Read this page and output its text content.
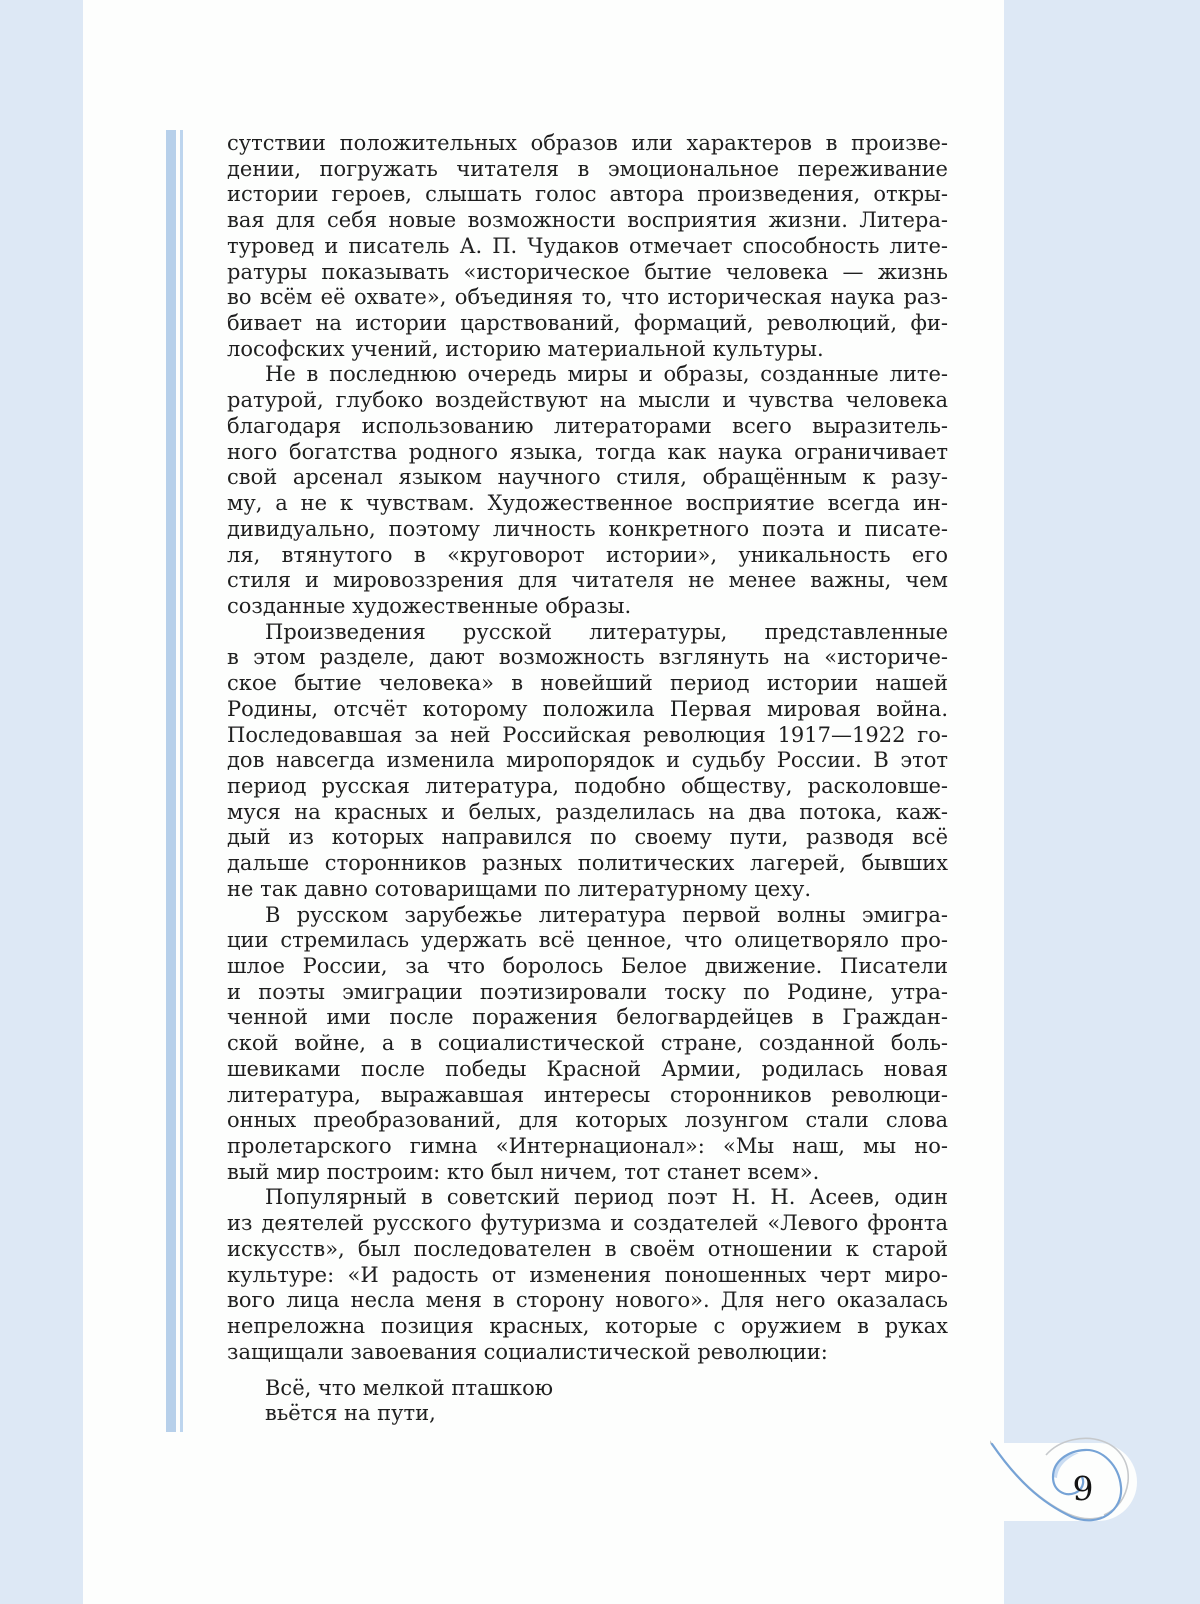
сутствии положительных образов или характеров в произве-
дении, погружать читателя в эмоциональное переживание
истории героев, слышать голос автора произведения, откры-
вая для себя новые возможности восприятия жизни. Литера-
туровед и писатель А. П. Чудаков отмечает способность лите-
ратуры показывать «историческое бытие человека — жизнь
во всём её охвате», объединяя то, что историческая наука раз-
бивает на истории царствований, формаций, революций, фи-
лософских учений, историю материальной культуры.
Не в последнюю очередь миры и образы, созданные лите-
ратурой, глубоко воздействуют на мысли и чувства человека
благодаря использованию литераторами всего выразитель-
ного богатства родного языка, тогда как наука ограничивает
свой арсенал языком научного стиля, обращённым к разу-
му, а не к чувствам. Художественное восприятие всегда ин-
дивидуально, поэтому личность конкретного поэта и писате-
ля, втянутого в «круговорот истории», уникальность его
стиля и мировоззрения для читателя не менее важны, чем
созданные художественные образы.
Произведения русской литературы, представленные
в этом разделе, дают возможность взглянуть на «историче-
ское бытие человека» в новейший период истории нашей
Родины, отсчёт которому положила Первая мировая война.
Последовавшая за ней Российская революция 1917—1922 го-
дов навсегда изменила миропорядок и судьбу России. В этот
период русская литература, подобно обществу, расколовше-
муся на красных и белых, разделилась на два потока, каж-
дый из которых направился по своему пути, разводя всё
дальше сторонников разных политических лагерей, бывших
не так давно сотоварищами по литературному цеху.
В русском зарубежье литература первой волны эмигра-
ции стремилась удержать всё ценное, что олицетворяло про-
шлое России, за что боролось Белое движение. Писатели
и поэты эмиграции поэтизировали тоску по Родине, утра-
ченной ими после поражения белогвардейцев в Граждан-
ской войне, а в социалистической стране, созданной боль-
шевиками после победы Красной Армии, родилась новая
литература, выражавшая интересы сторонников революци-
онных преобразований, для которых лозунгом стали слова
пролетарского гимна «Интернационал»: «Мы наш, мы но-
вый мир построим: кто был ничем, тот станет всем».
Популярный в советский период поэт Н. Н. Асеев, один
из деятелей русского футуризма и создателей «Левого фронта
искусств», был последователен в своём отношении к старой
культуре: «И радость от изменения поношенных черт миро-
вого лица несла меня в сторону нового». Для него оказалась
непреложна позиция красных, которые с оружием в руках
защищали завоевания социалистической революции:
Всё, что мелкой пташкою
вьётся на пути,
9
